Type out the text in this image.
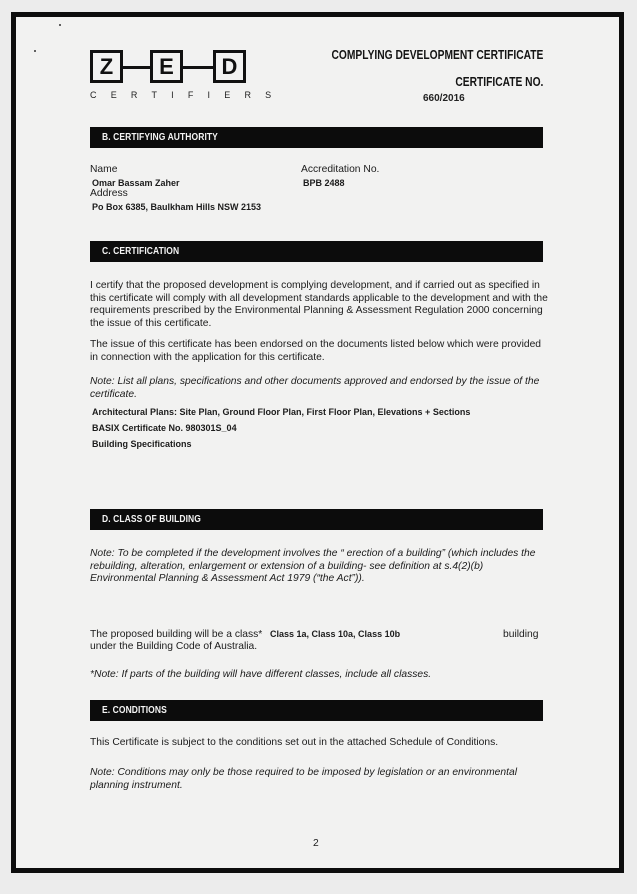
Z	E	D
CERTIFIERS
COMPLYING DEVELOPMENT CERTIFICATE
CERTIFICATE NO.
660/2016
B. CERTIFYING AUTHORITY
Name
Omar Bassam Zaher
Address
Po Box 6385, Baulkham Hills NSW 2153
Accreditation No.
BPB 2488
C. CERTIFICATION
I certify that the proposed development is complying development, and if carried out as specified in this certificate will comply with all development standards applicable to the development and with the requirements prescribed by the Environmental Planning & Assessment Regulation 2000 concerning the issue of this certificate.
The issue of this certificate has been endorsed on the documents listed below which were provided in connection with the application for this certificate.
Note: List all plans, specifications and other documents approved and endorsed by the issue of the certificate.
Architectural Plans: Site Plan, Ground Floor Plan, First Floor Plan, Elevations + Sections
BASIX Certificate No. 980301S_04
Building Specifications
D. CLASS OF BUILDING
Note: To be completed if the development involves the “ erection of a building” (which includes the rebuilding, alteration, enlargement or extension of a building- see definition at s.4(2)(b) Environmental Planning & Assessment Act 1979 (“the Act”)).
The proposed building will be a class* Class 1a, Class 10a, Class 10b	building
under the Building Code of Australia.
*Note: If parts of the building will have different classes, include all classes.
E. CONDITIONS
This Certificate is subject to the conditions set out in the attached Schedule of Conditions.
Note: Conditions may only be those required to be imposed by legislation or an environmental planning instrument.
2
